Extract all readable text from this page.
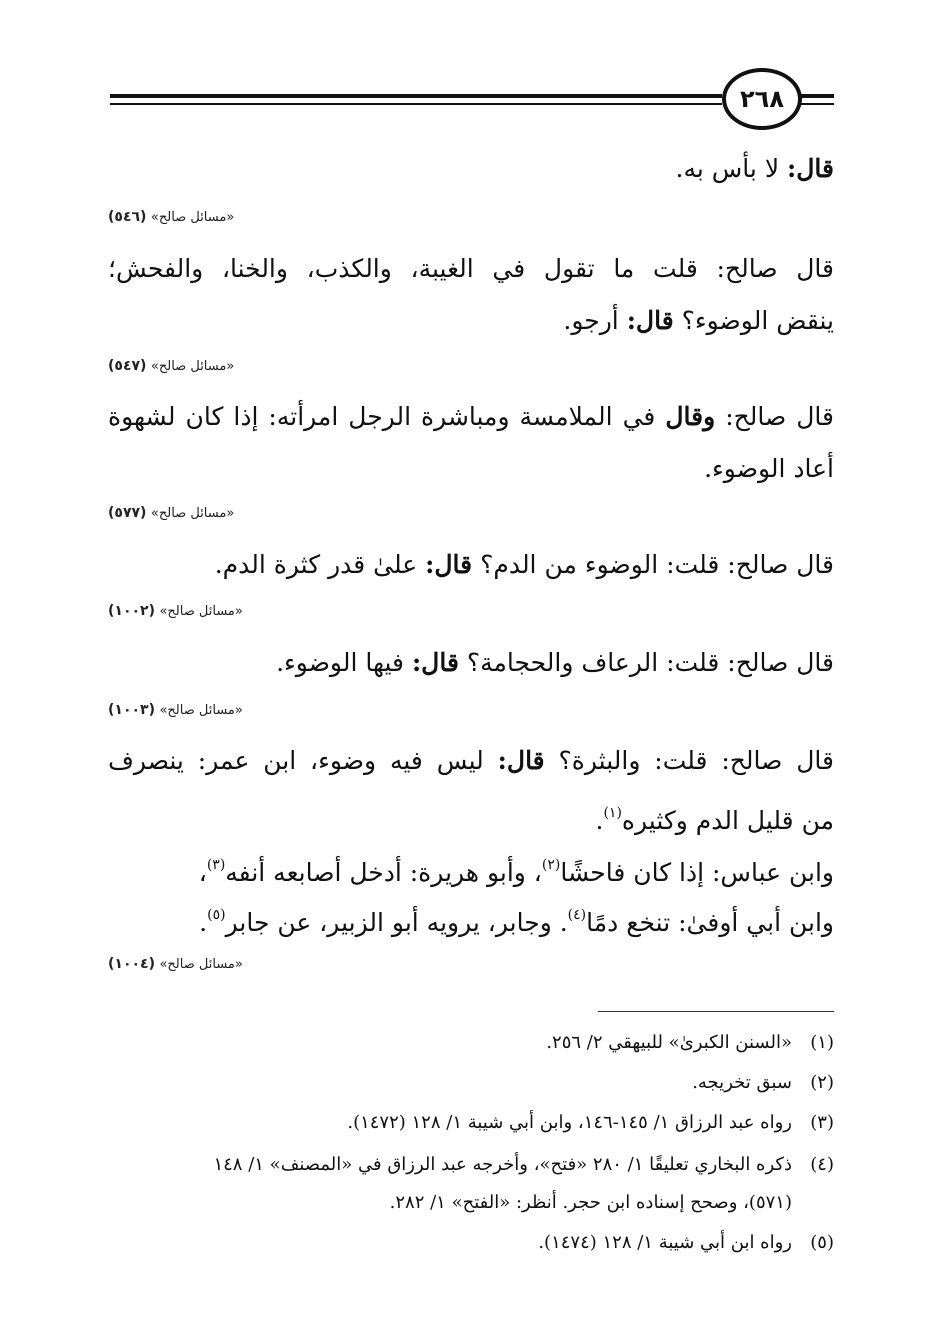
٢٦٨
قال: لا بأس به.
«مسائل صالح» (٥٤٦)
قال صالح: قلت ما تقول في الغيبة، والكذب، والخنا، والفحش؛
ينقض الوضوء؟ قال: أرجو.
«مسائل صالح» (٥٤٧)
قال صالح: وقال في الملامسة ومباشرة الرجل امرأته: إذا كان لشهوة
أعاد الوضوء.
«مسائل صالح» (٥٧٧)
قال صالح: قلت: الوضوء من الدم؟ قال: علىٰ قدر كثرة الدم.
«مسائل صالح» (١٠٠٢)
قال صالح: قلت: الرعاف والحجامة؟ قال: فيها الوضوء.
«مسائل صالح» (١٠٠٣)
قال صالح: قلت: والبثرة؟ قال: ليس فيه وضوء، ابن عمر: ينصرف
من قليل الدم وكثيره$^{(١)}$.
وابن عباس: إذا كان فاحشًا$^{(٢)}$، وأبو هريرة: أدخل أصابعه أنفه$^{(٣)}$،
وابن أبي أوفىٰ: تنخع دمًا$^{(٤)}$. وجابر، يرويه أبو الزبير، عن جابر$^{(٥)}$.
«مسائل صالح» (١٠٠٤)
(١)«السنن الكبرىٰ» للبيهقي ٢/ ٢٥٦.
(٢)سبق تخريجه.
(٣)رواه عبد الرزاق ١/ ١٤٥-١٤٦، وابن أبي شيبة ١/ ١٢٨ (١٤٧٢).
(٤)ذكره البخاري تعليقًا ١/ ٢٨٠ «فتح»، وأخرجه عبد الرزاق في «المصنف» ١/ ١٤٨
(٥٧١)، وصحح إسناده ابن حجر. أنظر: «الفتح» ١/ ٢٨٢.
(٥)رواه ابن أبي شيبة ١/ ١٢٨ (١٤٧٤).
